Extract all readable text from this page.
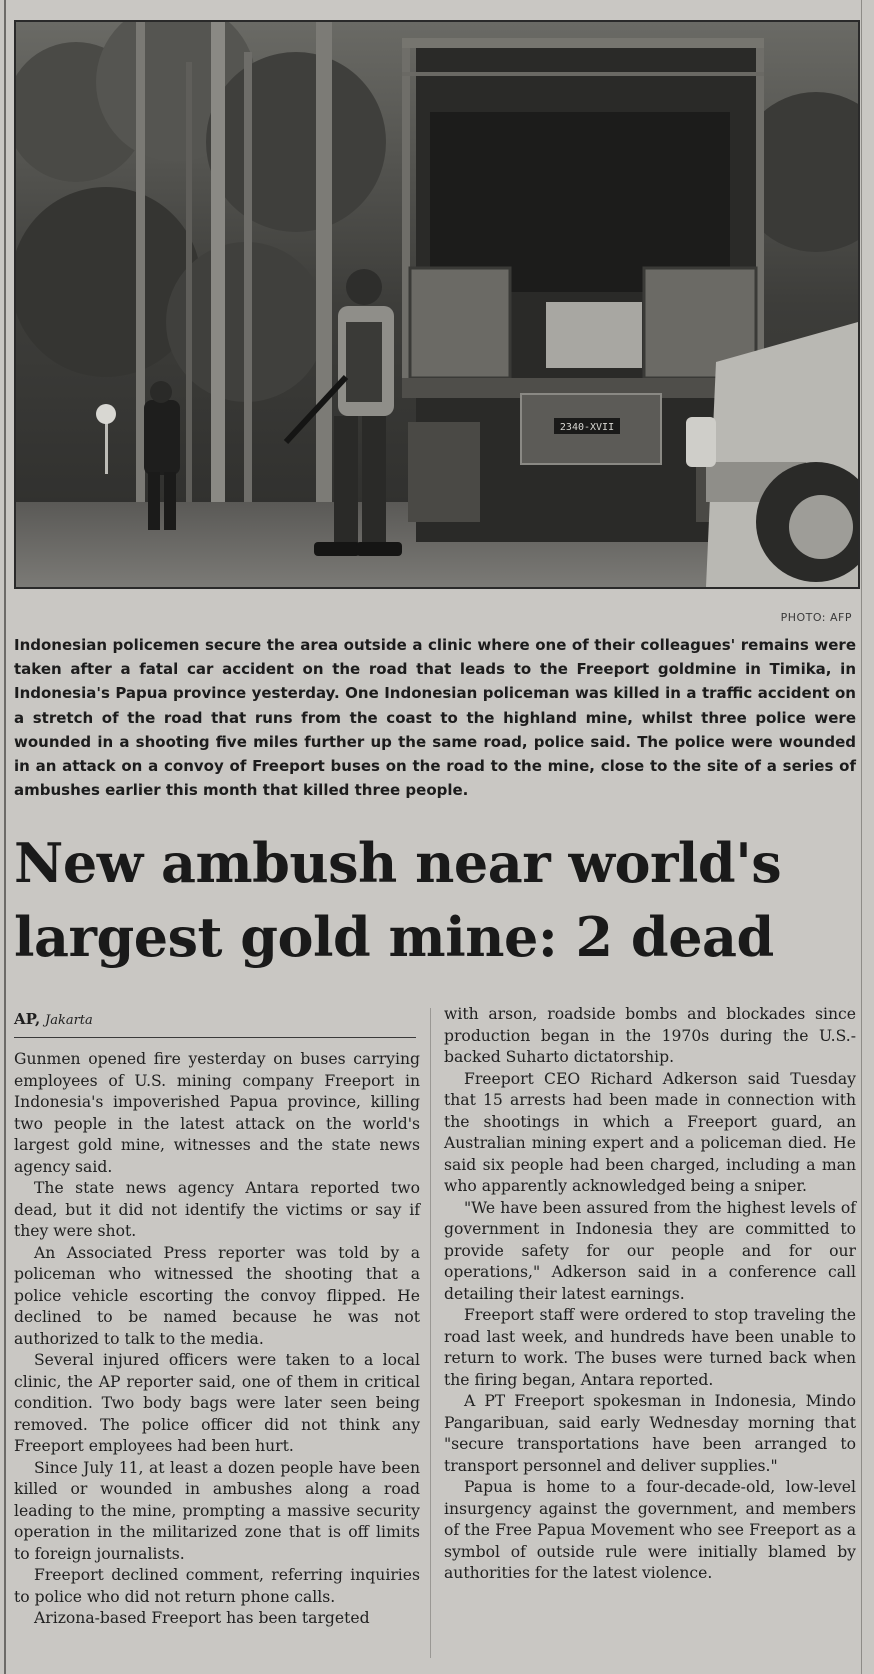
2340-XVII
PHOTO: AFP
Indonesian policemen secure the area outside a clinic where one of their colleagues' remains were taken after a fatal car accident on the road that leads to the Freeport goldmine in Timika, in Indonesia's Papua province yesterday. One Indonesian policeman was killed in a traffic accident on a stretch of the road that runs from the coast to the highland mine, whilst three police were wounded in a shooting five miles further up the same road, police said. The police were wounded in an attack on a convoy of Freeport buses on the road to the mine, close to the site of a series of ambushes earlier this month that killed three people.
New ambush near world's largest gold mine: 2 dead
AP, Jakarta

Gunmen opened fire yesterday on buses carrying employees of U.S. mining company Freeport in Indonesia's impoverished Papua province, killing two people in the latest attack on the world's largest gold mine, witnesses and the state news agency said.

The state news agency Antara reported two dead, but it did not identify the victims or say if they were shot.

An Associated Press reporter was told by a policeman who witnessed the shooting that a police vehicle escorting the convoy flipped. He declined to be named because he was not authorized to talk to the media.

Several injured officers were taken to a local clinic, the AP reporter said, one of them in critical condition. Two body bags were later seen being removed. The police officer did not think any Freeport employees had been hurt.

Since July 11, at least a dozen people have been killed or wounded in ambushes along a road leading to the mine, prompting a massive security operation in the militarized zone that is off limits to foreign journalists.

Freeport declined comment, referring inquiries to police who did not return phone calls.

Arizona-based Freeport has been targeted

with arson, roadside bombs and blockades since production began in the 1970s during the U.S.-backed Suharto dictatorship.

Freeport CEO Richard Adkerson said Tuesday that 15 arrests had been made in connection with the shootings in which a Freeport guard, an Australian mining expert and a policeman died. He said six people had been charged, including a man who apparently acknowledged being a sniper.

"We have been assured from the highest levels of government in Indonesia they are committed to provide safety for our people and for our operations," Adkerson said in a conference call detailing their latest earnings.

Freeport staff were ordered to stop traveling the road last week, and hundreds have been unable to return to work. The buses were turned back when the firing began, Antara reported.

A PT Freeport spokesman in Indonesia, Mindo Pangaribuan, said early Wednesday morning that "secure transportations have been arranged to transport personnel and deliver supplies."

Papua is home to a four-decade-old, low-level insurgency against the government, and members of the Free Papua Movement who see Freeport as a symbol of outside rule were initially blamed by authorities for the latest violence.
